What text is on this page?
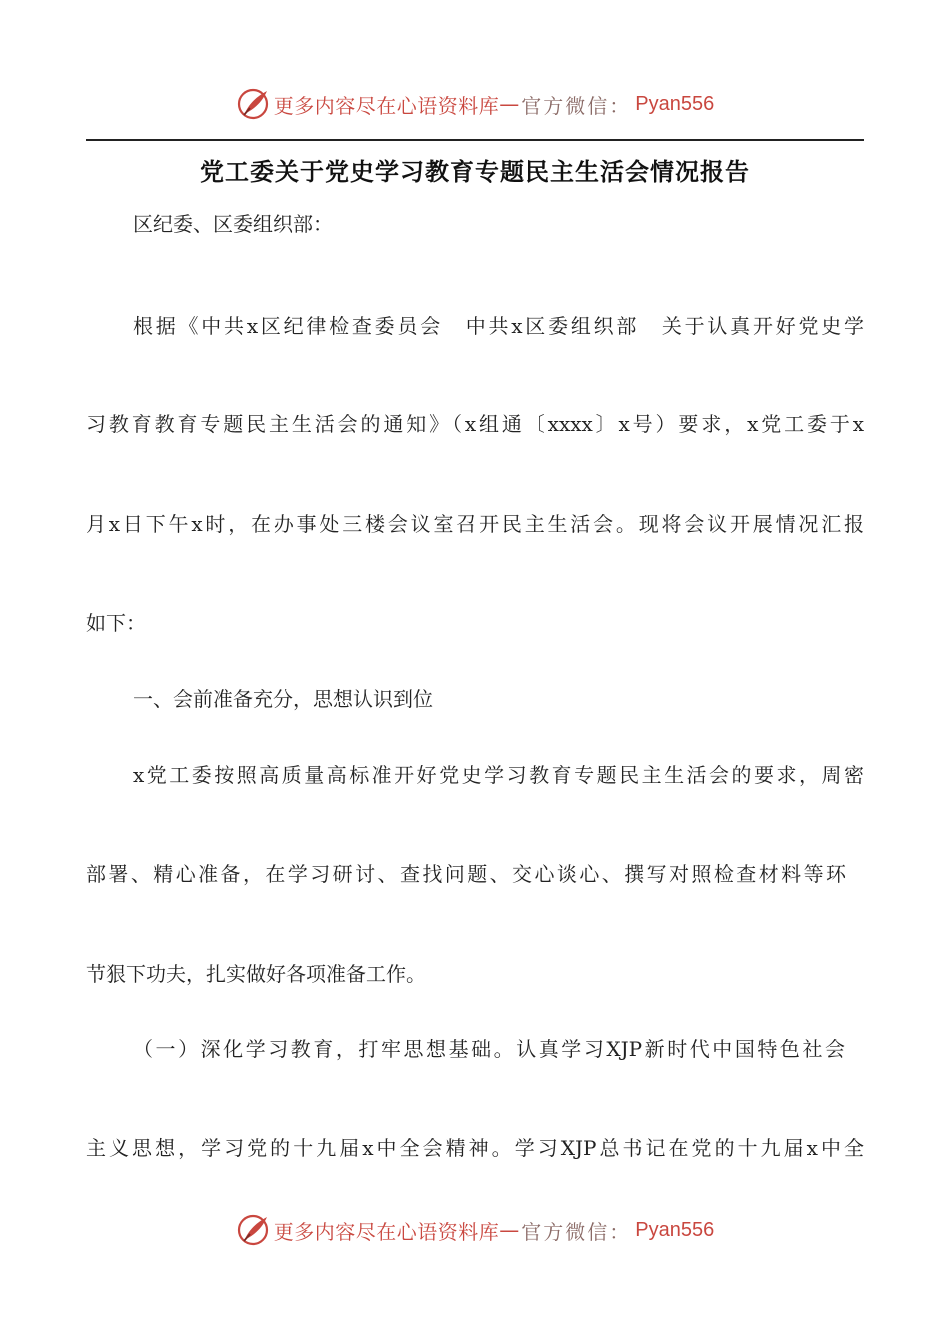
更多内容尽在心语资料库 — 官方微信： Pyan556
党工委关于党史学习教育专题民主生活会情况报告
区纪委、区委组织部：
根据《中共x区纪律检查委员会　中共x区委组织部　关于认真开好党史学
习教育教育专题民主生活会的通知》（x组通〔xxxx〕x号）要求，x党工委于x
月x日下午x时，在办事处三楼会议室召开民主生活会。现将会议开展情况汇报
如下：
一、会前准备充分，思想认识到位
x党工委按照高质量高标准开好党史学习教育专题民主生活会的要求，周密
部署、精心准备，在学习研讨、查找问题、交心谈心、撰写对照检查材料等环
节狠下功夫，扎实做好各项准备工作。
（一）深化学习教育，打牢思想基础。认真学习XJP新时代中国特色社会
主义思想，学习党的十九届x中全会精神。学习XJP总书记在党的十九届x中全
更多内容尽在心语资料库 — 官方微信： Pyan556
